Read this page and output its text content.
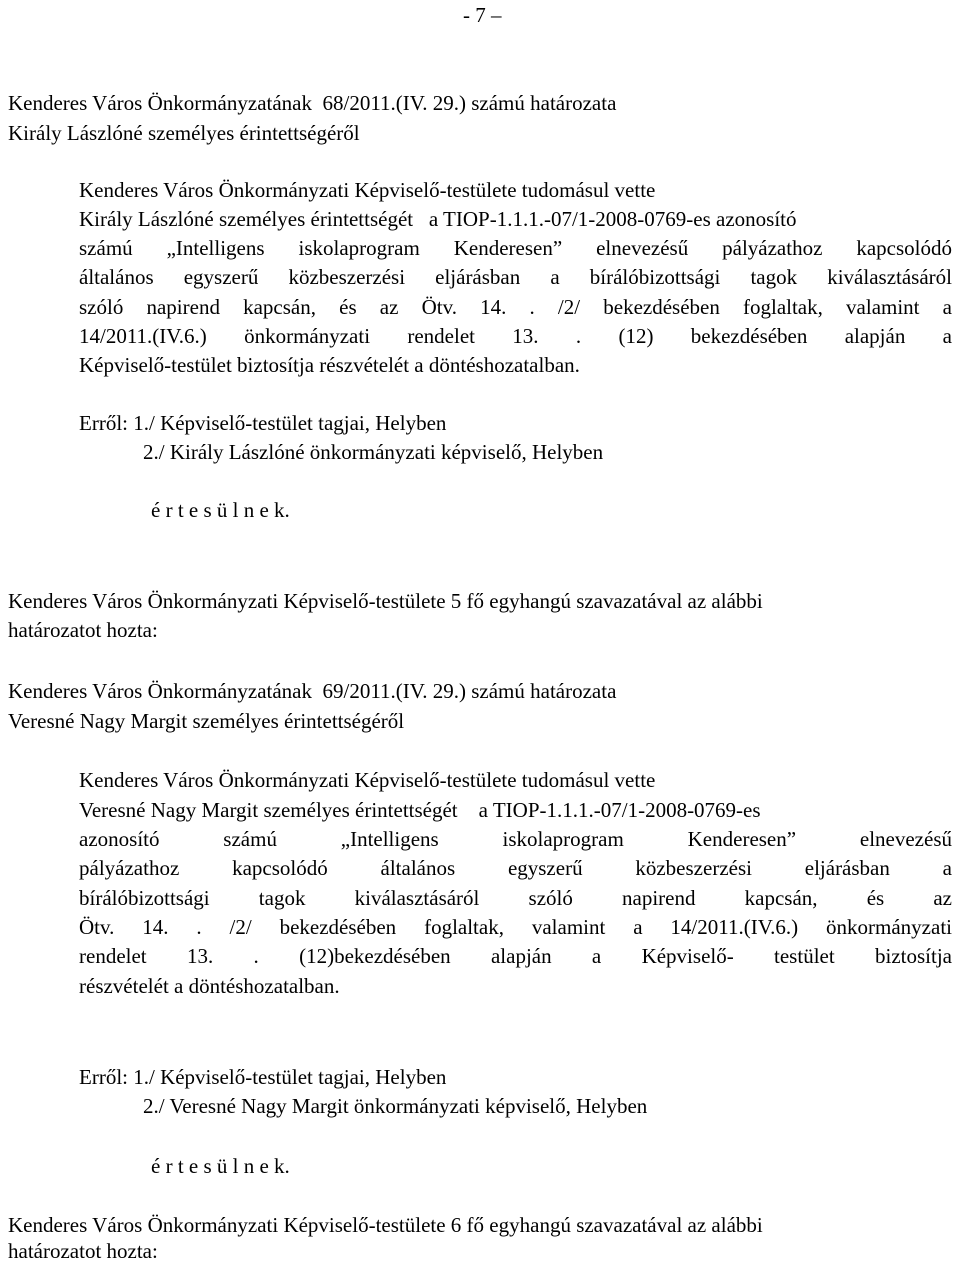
- 7 –
Kenderes Város Önkormányzatának  68/2011.(IV. 29.) számú határozata
Király Lászlóné személyes érintettségéről
Kenderes Város Önkormányzati Képviselő-testülete tudomásul vette
Király Lászlóné személyes érintettségét   a TIOP-1.1.1.-07/1-2008-0769-es azonosító
számú „Intelligens iskolaprogram Kenderesen” elnevezésű pályázathoz kapcsolódó
általános egyszerű közbeszerzési eljárásban a bírálóbizottsági tagok kiválasztásáról
szóló napirend kapcsán, és az Ötv. 14. . /2/ bekezdésében foglaltak, valamint a
14/2011.(IV.6.) önkormányzati rendelet 13. . (12) bekezdésében alapján a
Képviselő-testület biztosítja részvételét a döntéshozatalban.
Erről: 1./ Képviselő-testület tagjai, Helyben
2./ Király Lászlóné önkormányzati képviselő, Helyben
é r t e s ü l n e k.
Kenderes Város Önkormányzati Képviselő-testülete 5 fő egyhangú szavazatával az alábbi
határozatot hozta:
Kenderes Város Önkormányzatának  69/2011.(IV. 29.) számú határozata
Veresné Nagy Margit személyes érintettségéről
Kenderes Város Önkormányzati Képviselő-testülete tudomásul vette
Veresné Nagy Margit személyes érintettségét    a TIOP-1.1.1.-07/1-2008-0769-es
azonosító számú „Intelligens iskolaprogram Kenderesen” elnevezésű
pályázathoz kapcsolódó általános egyszerű közbeszerzési eljárásban a
bírálóbizottsági tagok kiválasztásáról szóló napirend kapcsán, és az
Ötv. 14. . /2/ bekezdésében foglaltak, valamint a 14/2011.(IV.6.) önkormányzati
rendelet 13. . (12)bekezdésében alapján a Képviselő- testület biztosítja
részvételét a döntéshozatalban.
Erről: 1./ Képviselő-testület tagjai, Helyben
2./ Veresné Nagy Margit önkormányzati képviselő, Helyben
é r t e s ü l n e k.
Kenderes Város Önkormányzati Képviselő-testülete 6 fő egyhangú szavazatával az alábbi
határozatot hozta:
